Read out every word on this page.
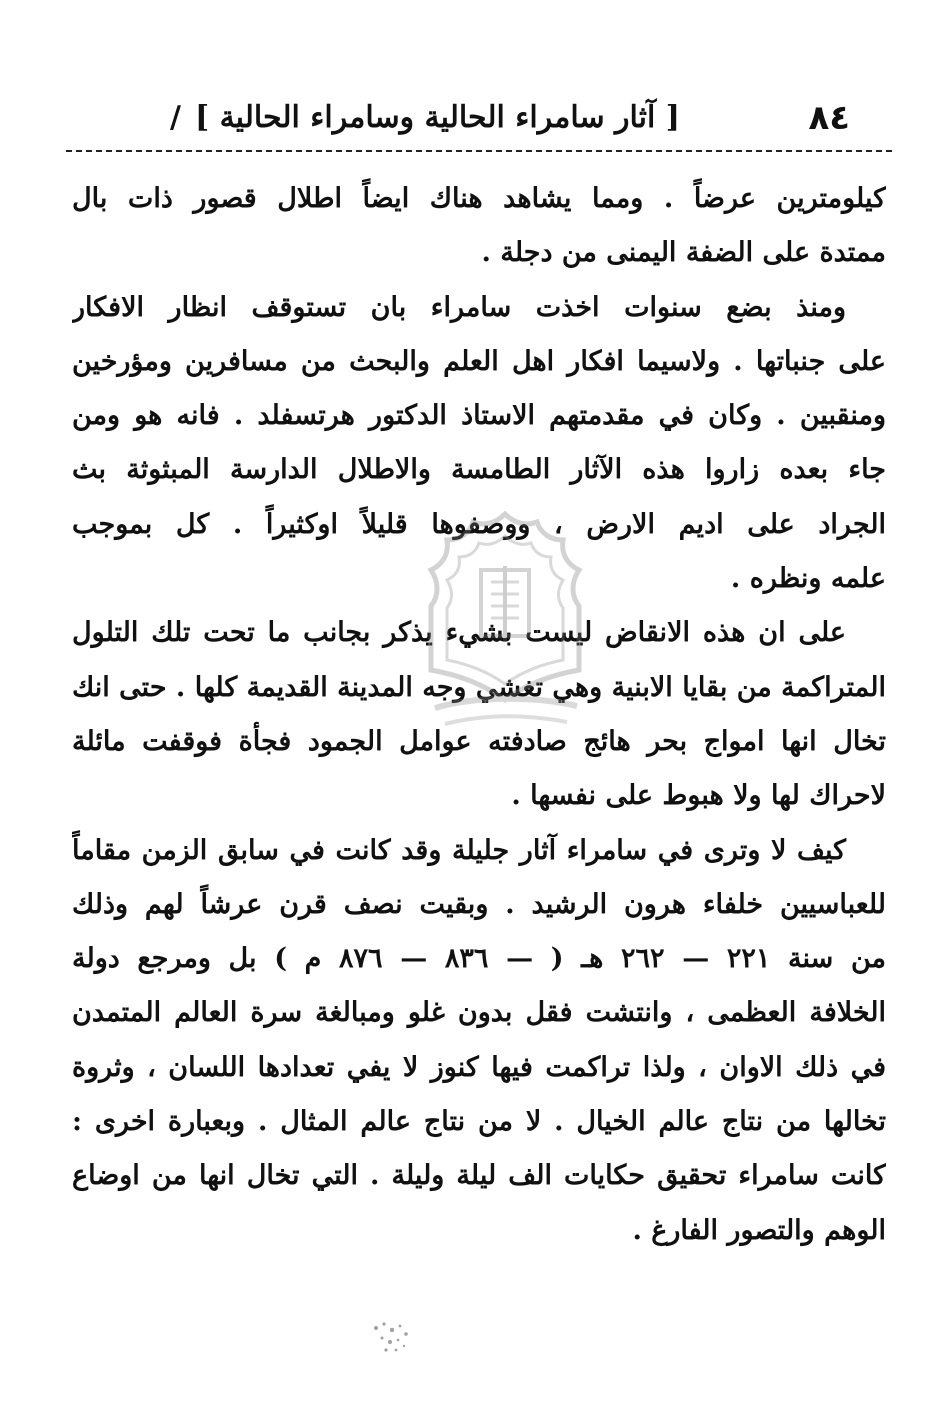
٨٤
[ آثار سامراء الحالية وسامراء الحالية ]
/
كيلومترين عرضاً . ومما يشاهد هناك ايضاً اطلال قصور ذات بال
ممتدة على الضفة اليمنى من دجلة .
ومنذ بضع سنوات اخذت سامراء بان تستوقف انظار الافكار
على جنباتها . ولاسيما افكار اهل العلم والبحث من مسافرين ومؤرخين
ومنقبين . وكان في مقدمتهم الاستاذ الدكتور هرتسفلد . فانه هو ومن
جاء بعده زاروا هذه الآثار الطامسة والاطلال الدارسة المبثوثة بث
الجراد على اديم الارض ، ووصفوها قليلاً اوكثيراً . كل بموجب
علمه ونظره .
على ان هذه الانقاض ليست بشيء يذكر بجانب ما تحت تلك التلول
المتراكمة من بقايا الابنية وهي تغشي وجه المدينة القديمة كلها . حتى انك
تخال انها امواج بحر هائج صادفته عوامل الجمود فجأة فوقفت مائلة
لاحراك لها ولا هبوط على نفسها .
كيف لا وترى في سامراء آثار جليلة وقد كانت في سابق الزمن مقاماً
للعباسيين خلفاء هرون الرشيد . وبقيت نصف قرن عرشاً لهم وذلك
من سنة ٢٢١ — ٢٦٢ هـ ( — ٨٣٦ — ٨٧٦ م ) بل ومرجع دولة
الخلافة العظمى ، وانتشت فقل بدون غلو ومبالغة سرة العالم المتمدن
في ذلك الاوان ، ولذا تراكمت فيها كنوز لا يفي تعدادها اللسان ، وثروة
تخالها من نتاج عالم الخيال . لا من نتاج عالم المثال . وبعبارة اخرى :
كانت سامراء تحقيق حكايات الف ليلة وليلة . التي تخال انها من اوضاع
الوهم والتصور الفارغ .
